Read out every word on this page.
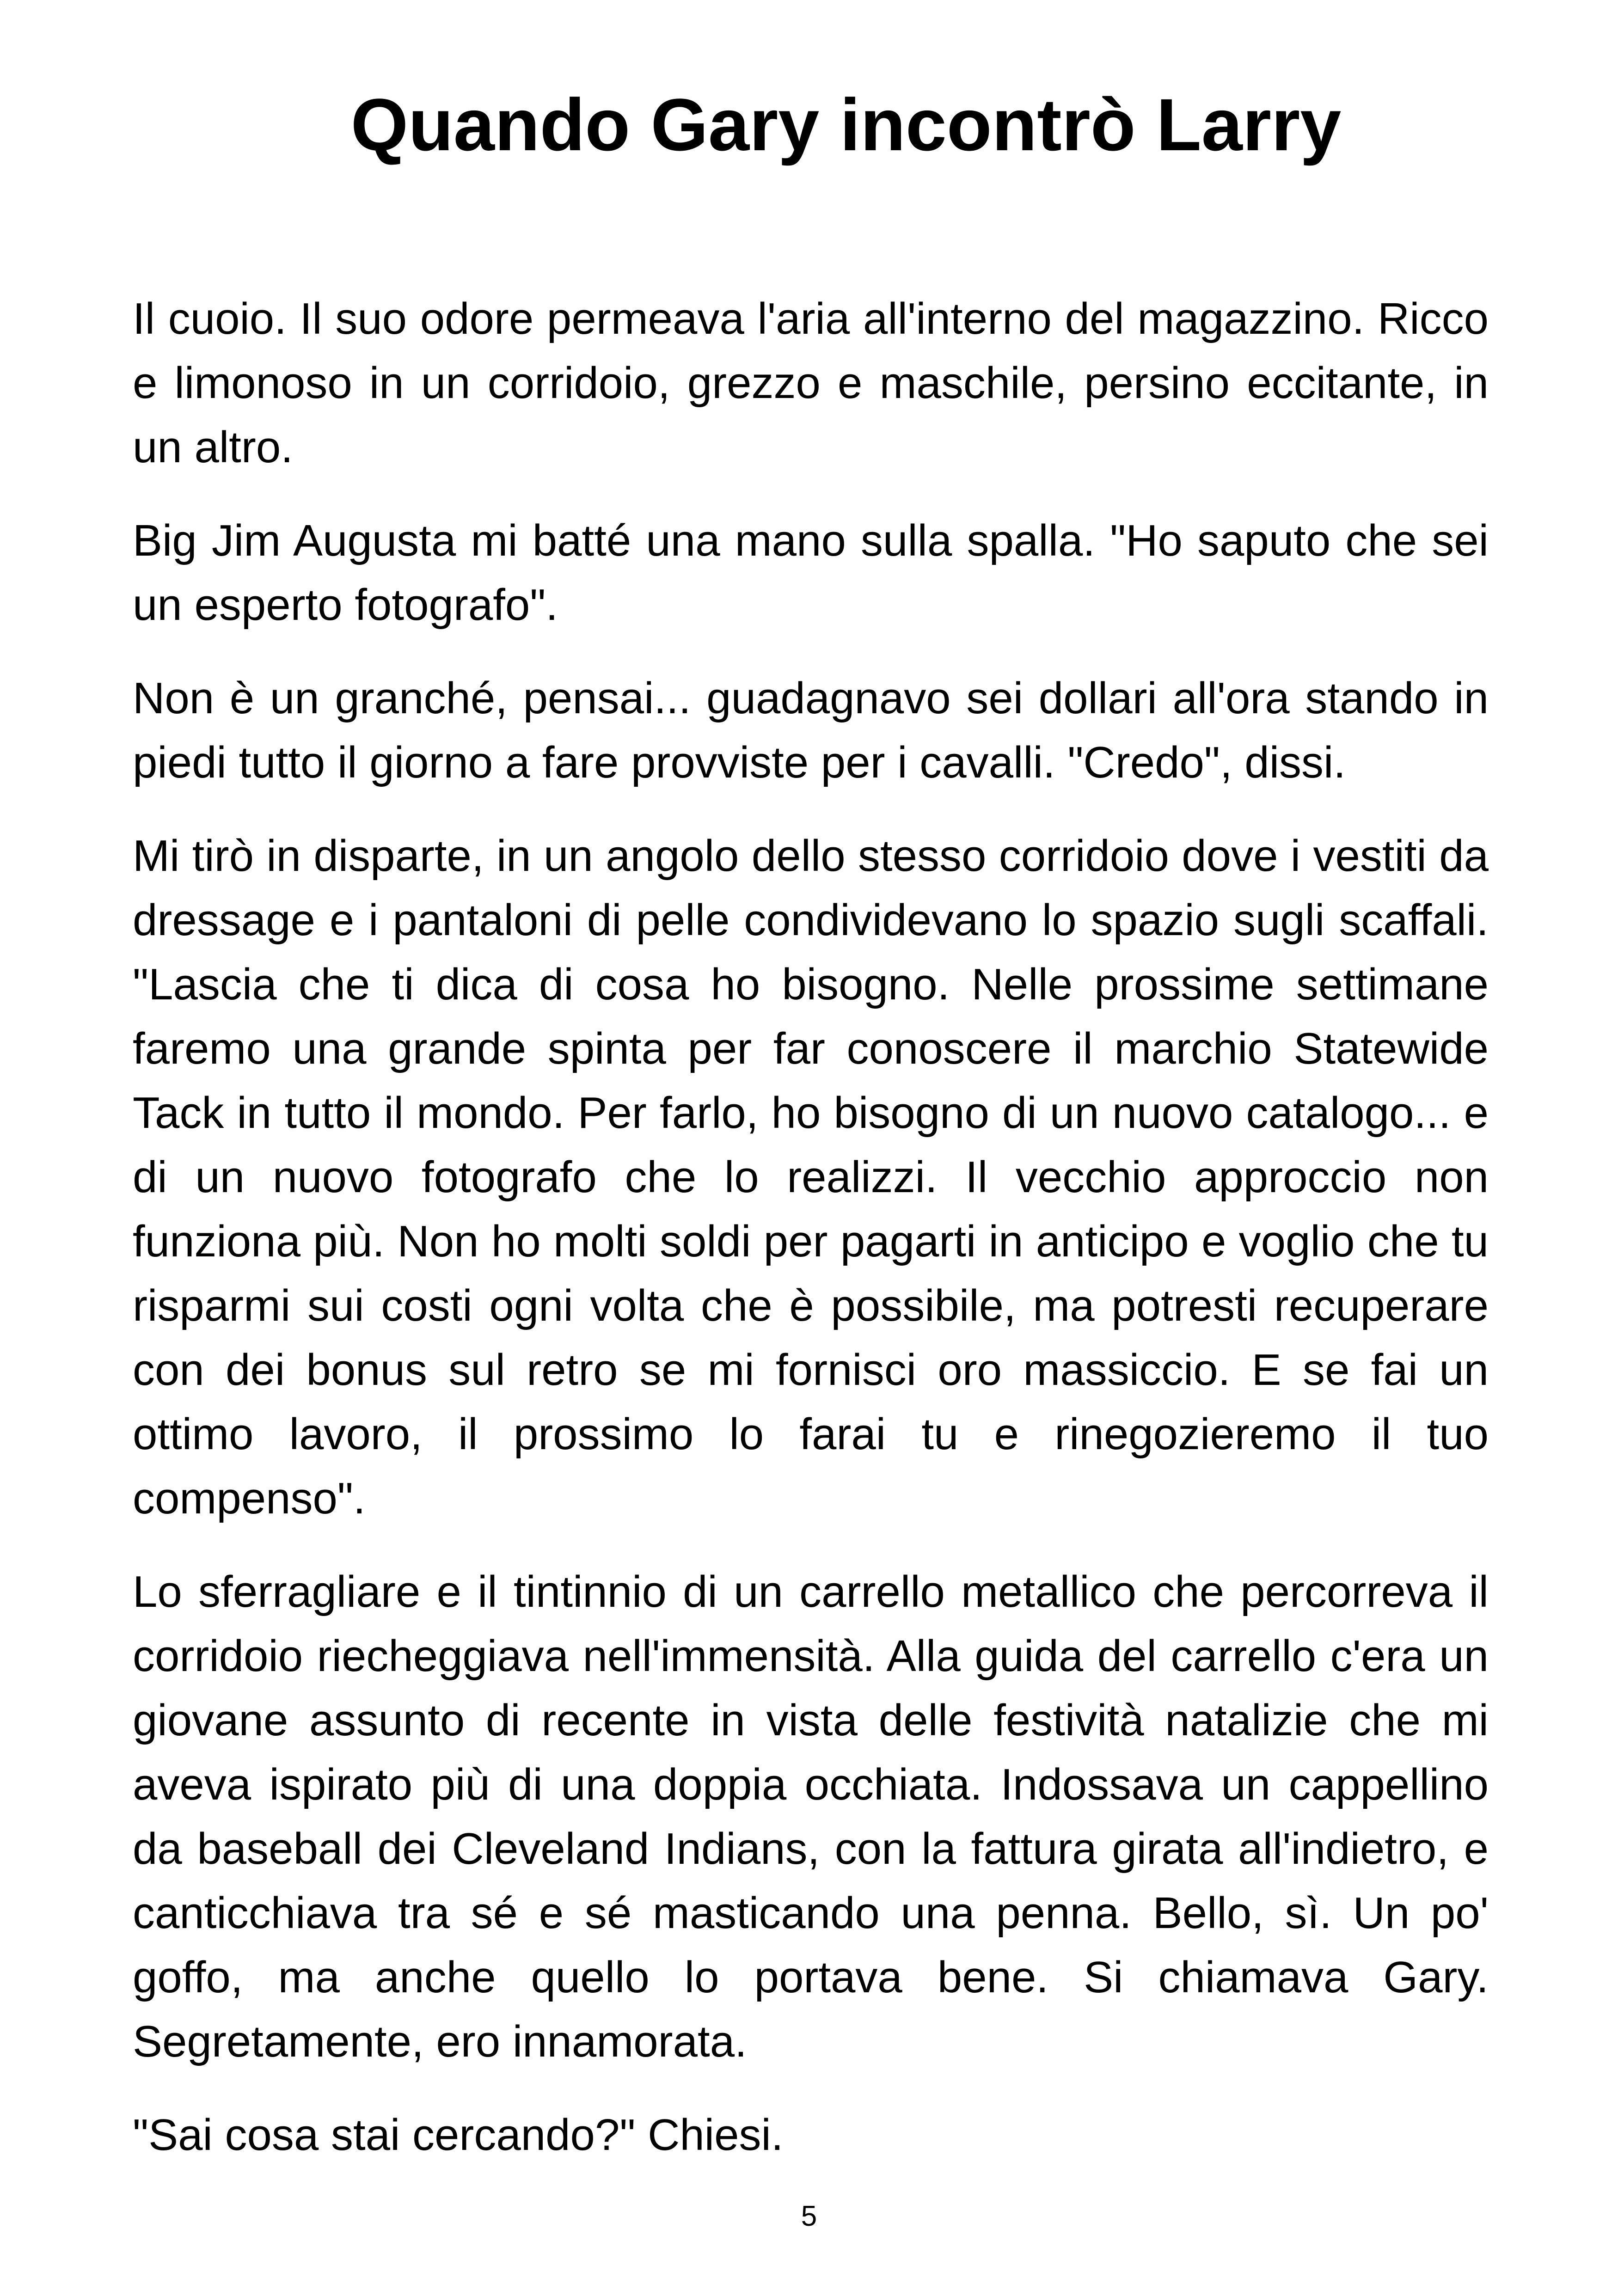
Quando Gary incontrò Larry

Il cuoio. Il suo odore permeava l'aria all'interno del magazzino. Ricco e limonoso in un corridoio, grezzo e maschile, persino eccitante, in un altro.

Big Jim Augusta mi batté una mano sulla spalla. "Ho saputo che sei un esperto fotografo".

Non è un granché, pensai... guadagnavo sei dollari all'ora stando in piedi tutto il giorno a fare provviste per i cavalli. "Credo", dissi.

Mi tirò in disparte, in un angolo dello stesso corridoio dove i vestiti da dressage e i pantaloni di pelle condividevano lo spazio sugli scaffali. "Lascia che ti dica di cosa ho bisogno. Nelle prossime settimane faremo una grande spinta per far conoscere il marchio Statewide Tack in tutto il mondo. Per farlo, ho bisogno di un nuovo catalogo... e di un nuovo fotografo che lo realizzi. Il vecchio approccio non funziona più. Non ho molti soldi per pagarti in anticipo e voglio che tu risparmi sui costi ogni volta che è possibile, ma potresti recuperare con dei bonus sul retro se mi fornisci oro massiccio. E se fai un ottimo lavoro, il prossimo lo farai tu e rinegozieremo il tuo compenso".

Lo sferragliare e il tintinnio di un carrello metallico che percorreva il corridoio riecheggiava nell'immensità. Alla guida del carrello c'era un giovane assunto di recente in vista delle festività natalizie che mi aveva ispirato più di una doppia occhiata. Indossava un cappellino da baseball dei Cleveland Indians, con la fattura girata all'indietro, e canticchiava tra sé e sé masticando una penna. Bello, sì. Un po' goffo, ma anche quello lo portava bene. Si chiamava Gary. Segretamente, ero innamorata.

"Sai cosa stai cercando?" Chiesi.

5
